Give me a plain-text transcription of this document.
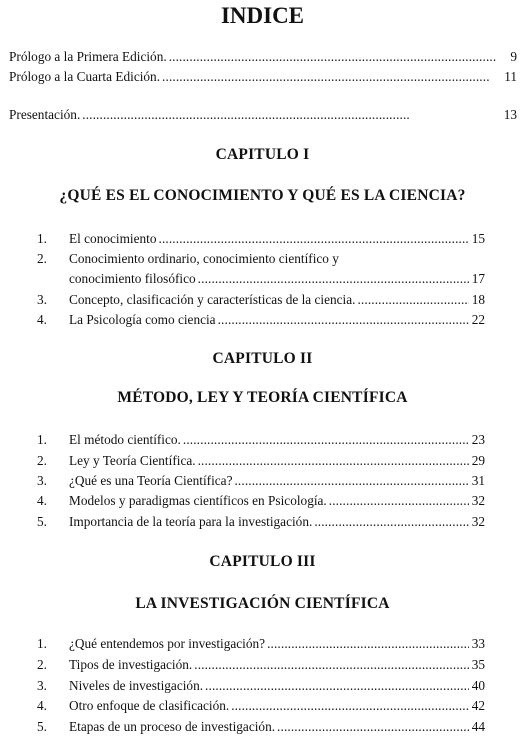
INDICE
Prólogo a la Primera Edición. . . .	9
Prólogo a la Cuarta Edición. . . .	11
Presentación. . . .	13
CAPITULO I
¿QUÉ ES EL CONOCIMIENTO Y QUÉ ES LA CIENCIA?
1. El conocimiento . . .	15
2. Conocimiento ordinario, conocimiento científico y
conocimiento filosófico . . .	17
3. Concepto, clasificación y características de la ciencia. . . .	18
4. La Psicología como ciencia . . .	22
CAPITULO II
MÉTODO, LEY Y TEORÍA CIENTÍFICA
1. El método científico. . . .	23
2. Ley y Teoría Científica. . . .	29
3. ¿Qué es una Teoría Científica? . . .	31
4. Modelos y paradigmas científicos en Psicología. . . .	32
5. Importancia de la teoría para la investigación. . . .	32
CAPITULO III
LA INVESTIGACIÓN CIENTÍFICA
1. ¿Qué entendemos por investigación? . . .	33
2. Tipos de investigación. . . .	35
3. Niveles de investigación. . . .	40
4. Otro enfoque de clasificación. . . .	42
5. Etapas de un proceso de investigación. . . .	44
